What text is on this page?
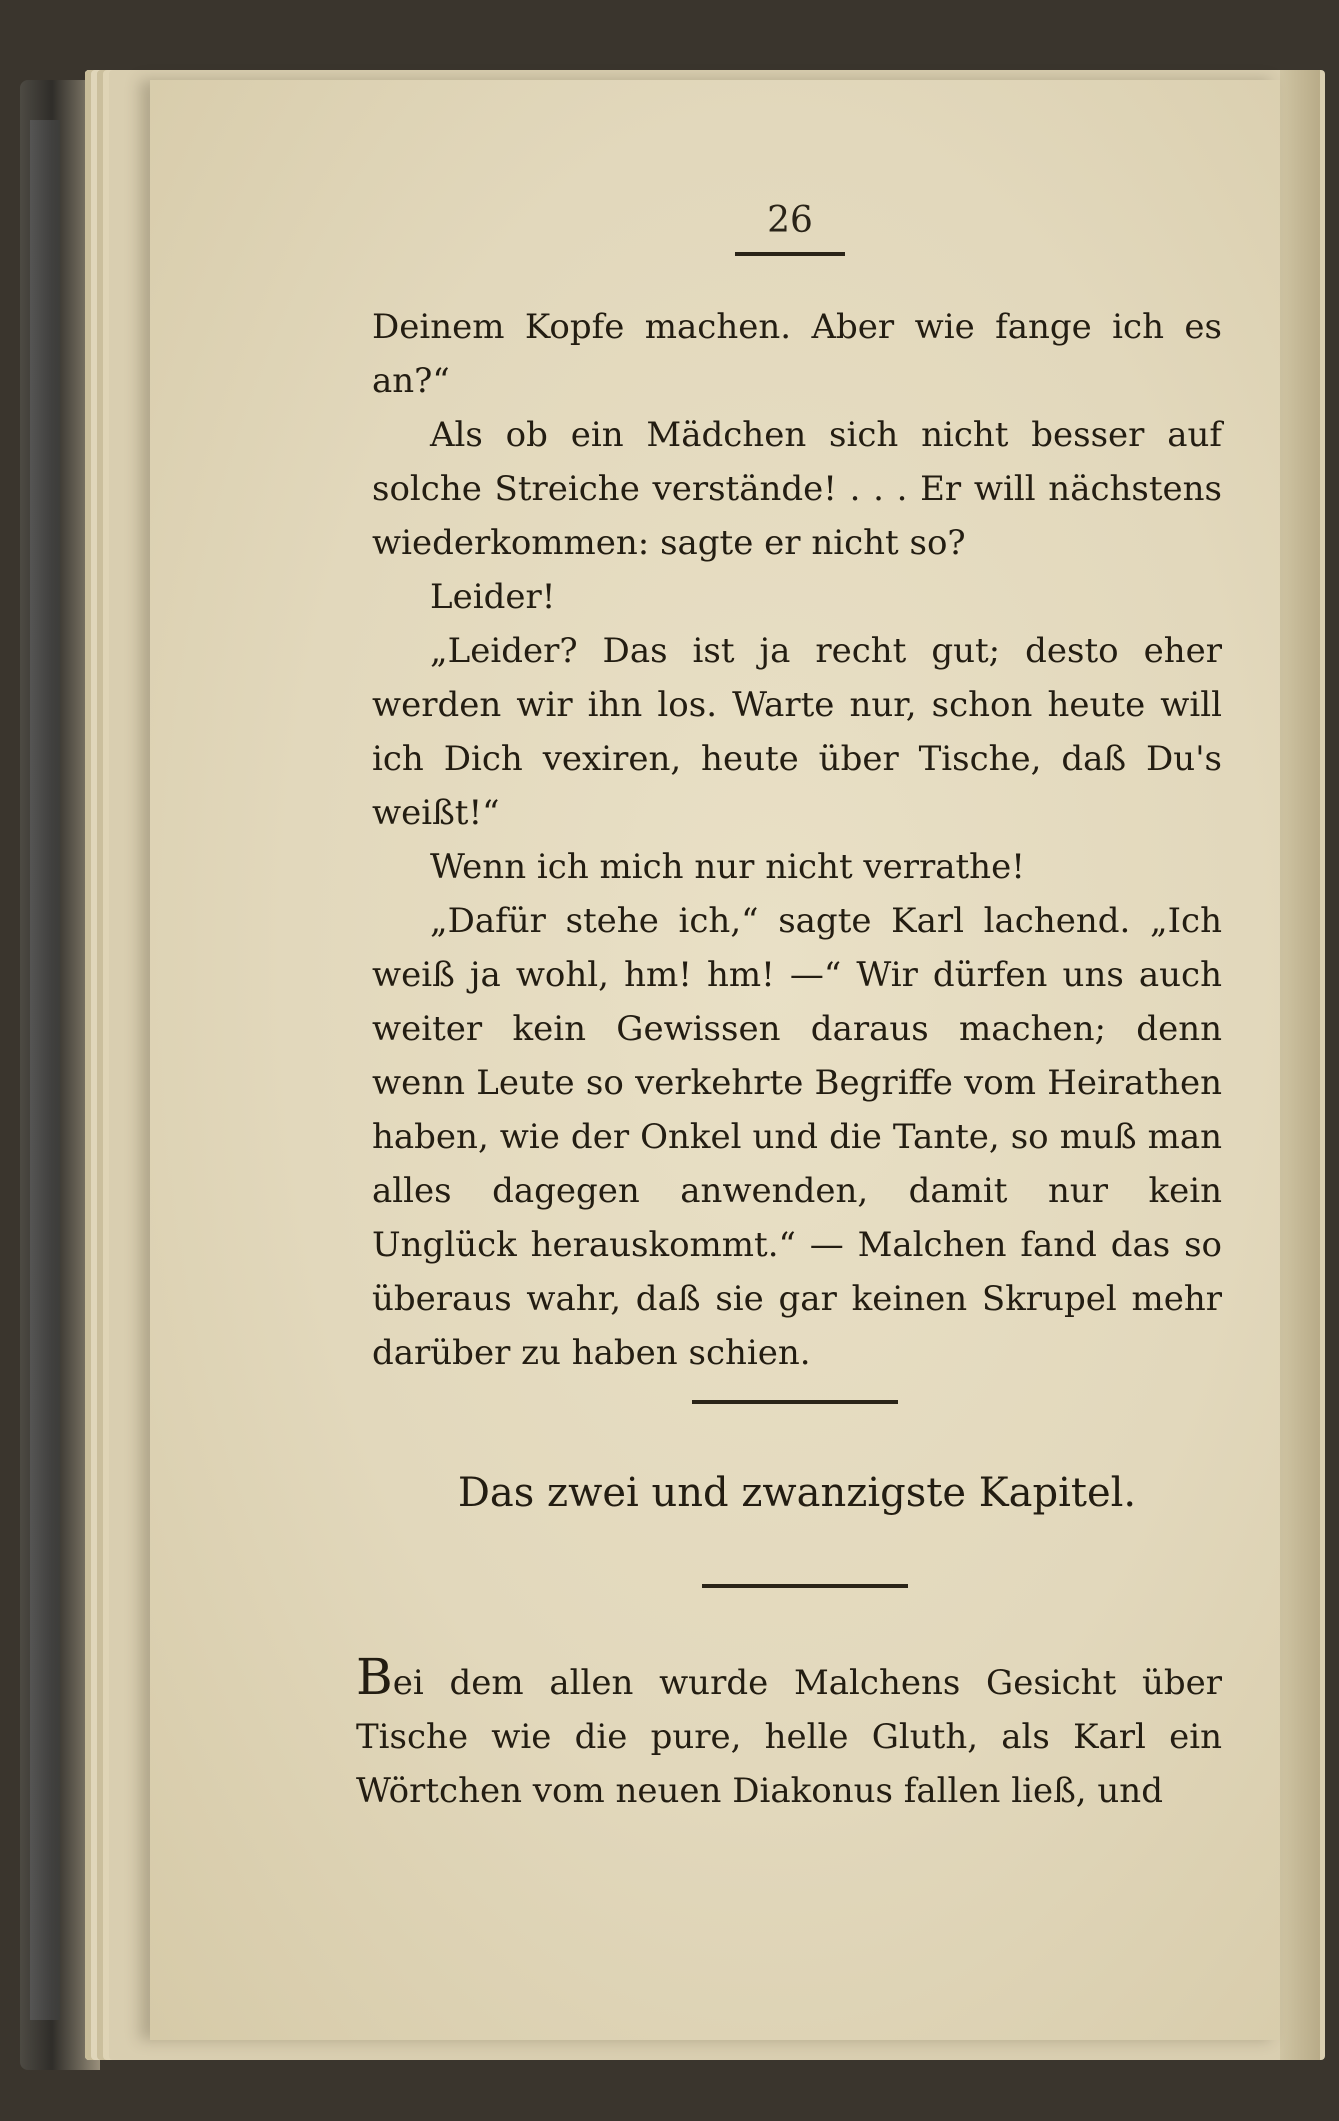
26

Deinem Kopfe machen. Aber wie fange ich es an?“

Als ob ein Mädchen sich nicht besser auf solche Streiche verstände! . . . Er will nächstens wiederkommen: sagte er nicht so?

Leider!

„Leider? Das ist ja recht gut; desto eher werden wir ihn los. Warte nur, schon heute will ich Dich vexiren, heute über Tische, daß Du's weißt!“

Wenn ich mich nur nicht verrathe!

„Dafür stehe ich,“ sagte Karl lachend. „Ich weiß ja wohl, hm! hm! —“ Wir dürfen uns auch weiter kein Gewissen daraus machen; denn wenn Leute so verkehrte Begriffe vom Heirathen haben, wie der Onkel und die Tante, so muß man alles dagegen anwenden, damit nur kein Unglück herauskommt.“ — Malchen fand das so überaus wahr, daß sie gar keinen Skrupel mehr darüber zu haben schien.

Das zwei und zwanzigste Kapitel.

Bei dem allen wurde Malchens Gesicht über Tische wie die pure, helle Gluth, als Karl ein Wörtchen vom neuen Diakonus fallen ließ, und
